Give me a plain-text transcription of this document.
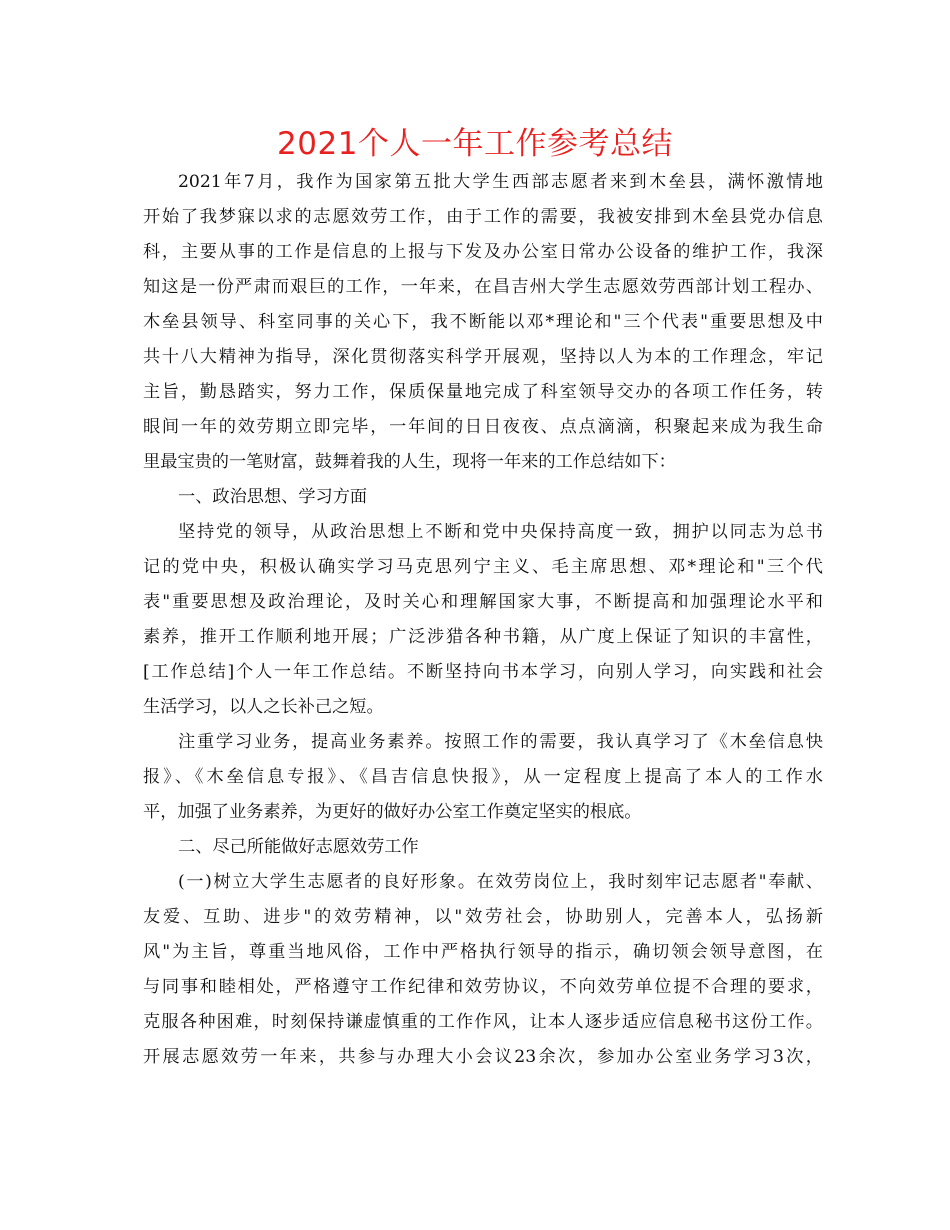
2021个人一年工作参考总结
2021年7月，我作为国家第五批大学生西部志愿者来到木垒县，满怀激情地
开始了我梦寐以求的志愿效劳工作，由于工作的需要，我被安排到木垒县党办信息
科，主要从事的工作是信息的上报与下发及办公室日常办公设备的维护工作，我深
知这是一份严肃而艰巨的工作，一年来，在昌吉州大学生志愿效劳西部计划工程办、
木垒县领导、科室同事的关心下，我不断能以邓*理论和"三个代表"重要思想及中
共十八大精神为指导，深化贯彻落实科学开展观，坚持以人为本的工作理念，牢记
主旨，勤恳踏实，努力工作，保质保量地完成了科室领导交办的各项工作任务，转
眼间一年的效劳期立即完毕，一年间的日日夜夜、点点滴滴，积聚起来成为我生命
里最宝贵的一笔财富，鼓舞着我的人生，现将一年来的工作总结如下：
一、政治思想、学习方面
坚持党的领导，从政治思想上不断和党中央保持高度一致，拥护以同志为总书
记的党中央，积极认确实学习马克思列宁主义、毛主席思想、邓*理论和"三个代
表"重要思想及政治理论，及时关心和理解国家大事，不断提高和加强理论水平和
素养，推开工作顺利地开展；广泛涉猎各种书籍，从广度上保证了知识的丰富性，
[工作总结]个人一年工作总结。不断坚持向书本学习，向别人学习，向实践和社会
生活学习，以人之长补己之短。
注重学习业务，提高业务素养。按照工作的需要，我认真学习了《木垒信息快
报》、《木垒信息专报》、《昌吉信息快报》，从一定程度上提高了本人的工作水
平，加强了业务素养，为更好的做好办公室工作奠定坚实的根底。
二、尽己所能做好志愿效劳工作
(一)树立大学生志愿者的良好形象。在效劳岗位上，我时刻牢记志愿者"奉献、
友爱、互助、进步"的效劳精神，以"效劳社会，协助别人，完善本人，弘扬新
风"为主旨，尊重当地风俗，工作中严格执行领导的指示，确切领会领导意图，在
与同事和睦相处，严格遵守工作纪律和效劳协议，不向效劳单位提不合理的要求，
克服各种困难，时刻保持谦虚慎重的工作作风，让本人逐步适应信息秘书这份工作。
开展志愿效劳一年来，共参与办理大小会议23余次，参加办公室业务学习3次，
